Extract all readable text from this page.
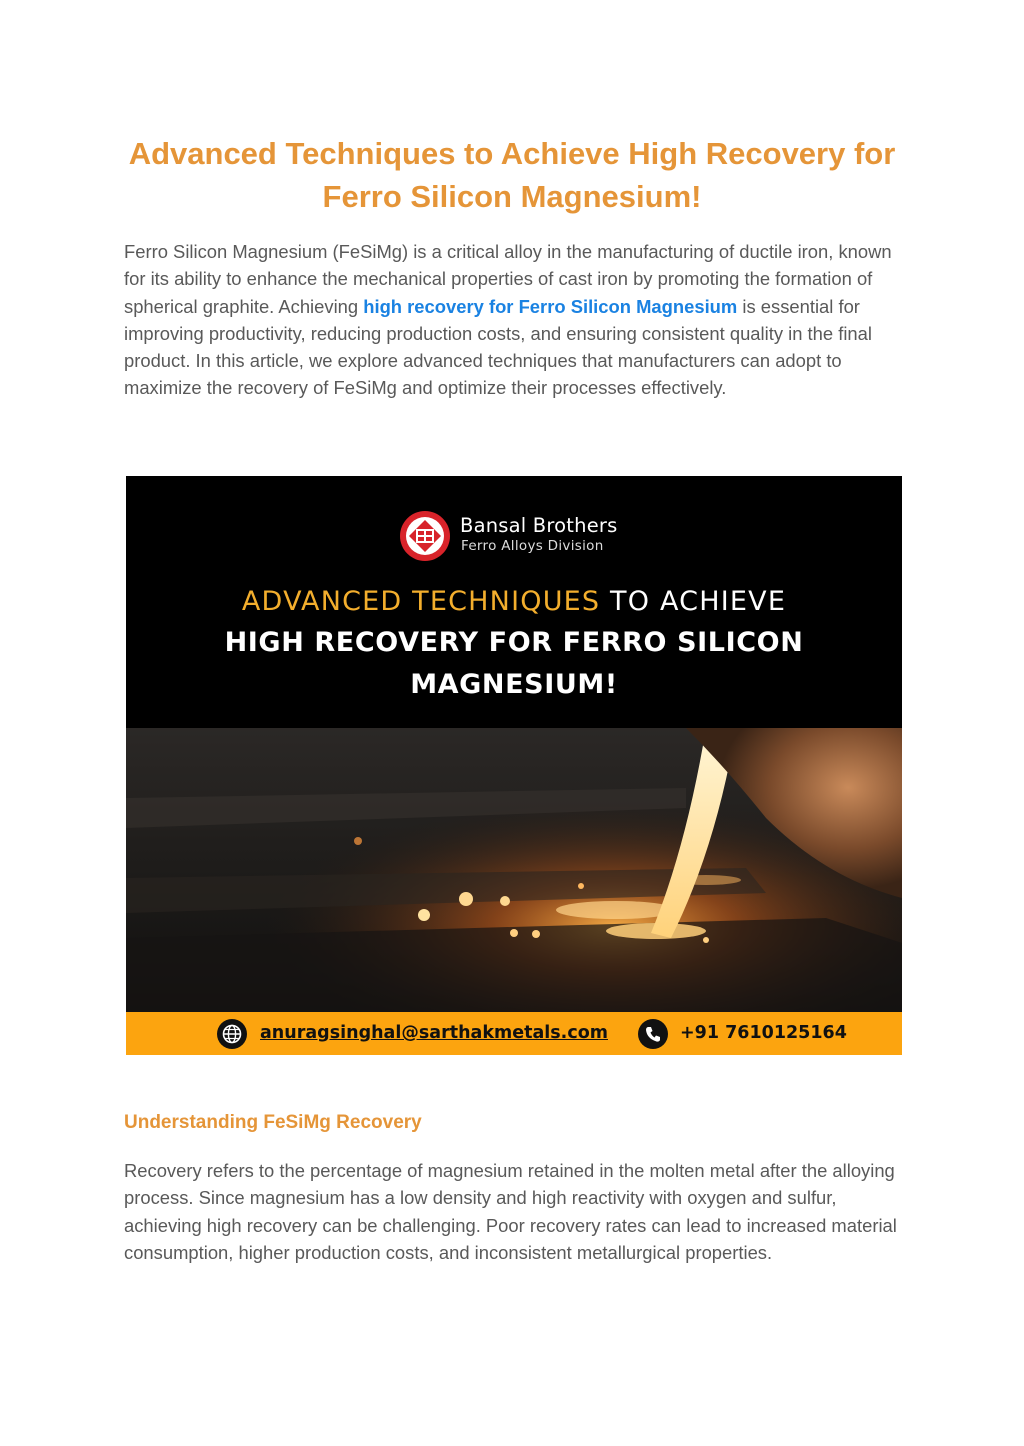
Advanced Techniques to Achieve High Recovery for Ferro Silicon Magnesium!

Ferro Silicon Magnesium (FeSiMg) is a critical alloy in the manufacturing of ductile iron, known for its ability to enhance the mechanical properties of cast iron by promoting the formation of spherical graphite. Achieving high recovery for Ferro Silicon Magnesium is essential for improving productivity, reducing production costs, and ensuring consistent quality in the final product. In this article, we explore advanced techniques that manufacturers can adopt to maximize the recovery of FeSiMg and optimize their processes effectively.

Bansal Brothers
Ferro Alloys Division
ADVANCED TECHNIQUES TO ACHIEVE
HIGH RECOVERY FOR FERRO SILICON
MAGNESIUM!
anuragsinghal@sarthakmetals.com	+91 7610125164
Understanding FeSiMg Recovery

Recovery refers to the percentage of magnesium retained in the molten metal after the alloying process. Since magnesium has a low density and high reactivity with oxygen and sulfur, achieving high recovery can be challenging. Poor recovery rates can lead to increased material consumption, higher production costs, and inconsistent metallurgical properties.
